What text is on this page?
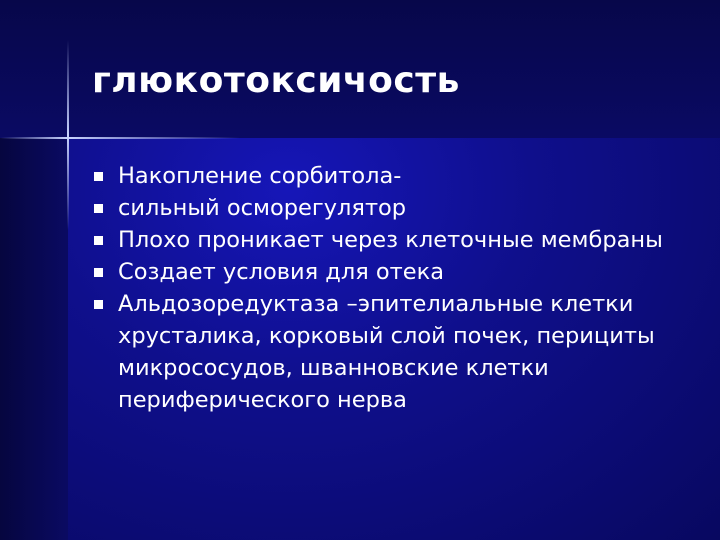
глюкотоксичость
Накопление сорбитола-
сильный осморегулятор
Плохо проникает через клеточные мембраны
Создает условия для отека
Альдозоредуктаза –эпителиальные клетки хрусталика, корковый слой почек, перициты микрососудов, шванновские клетки периферического нерва
